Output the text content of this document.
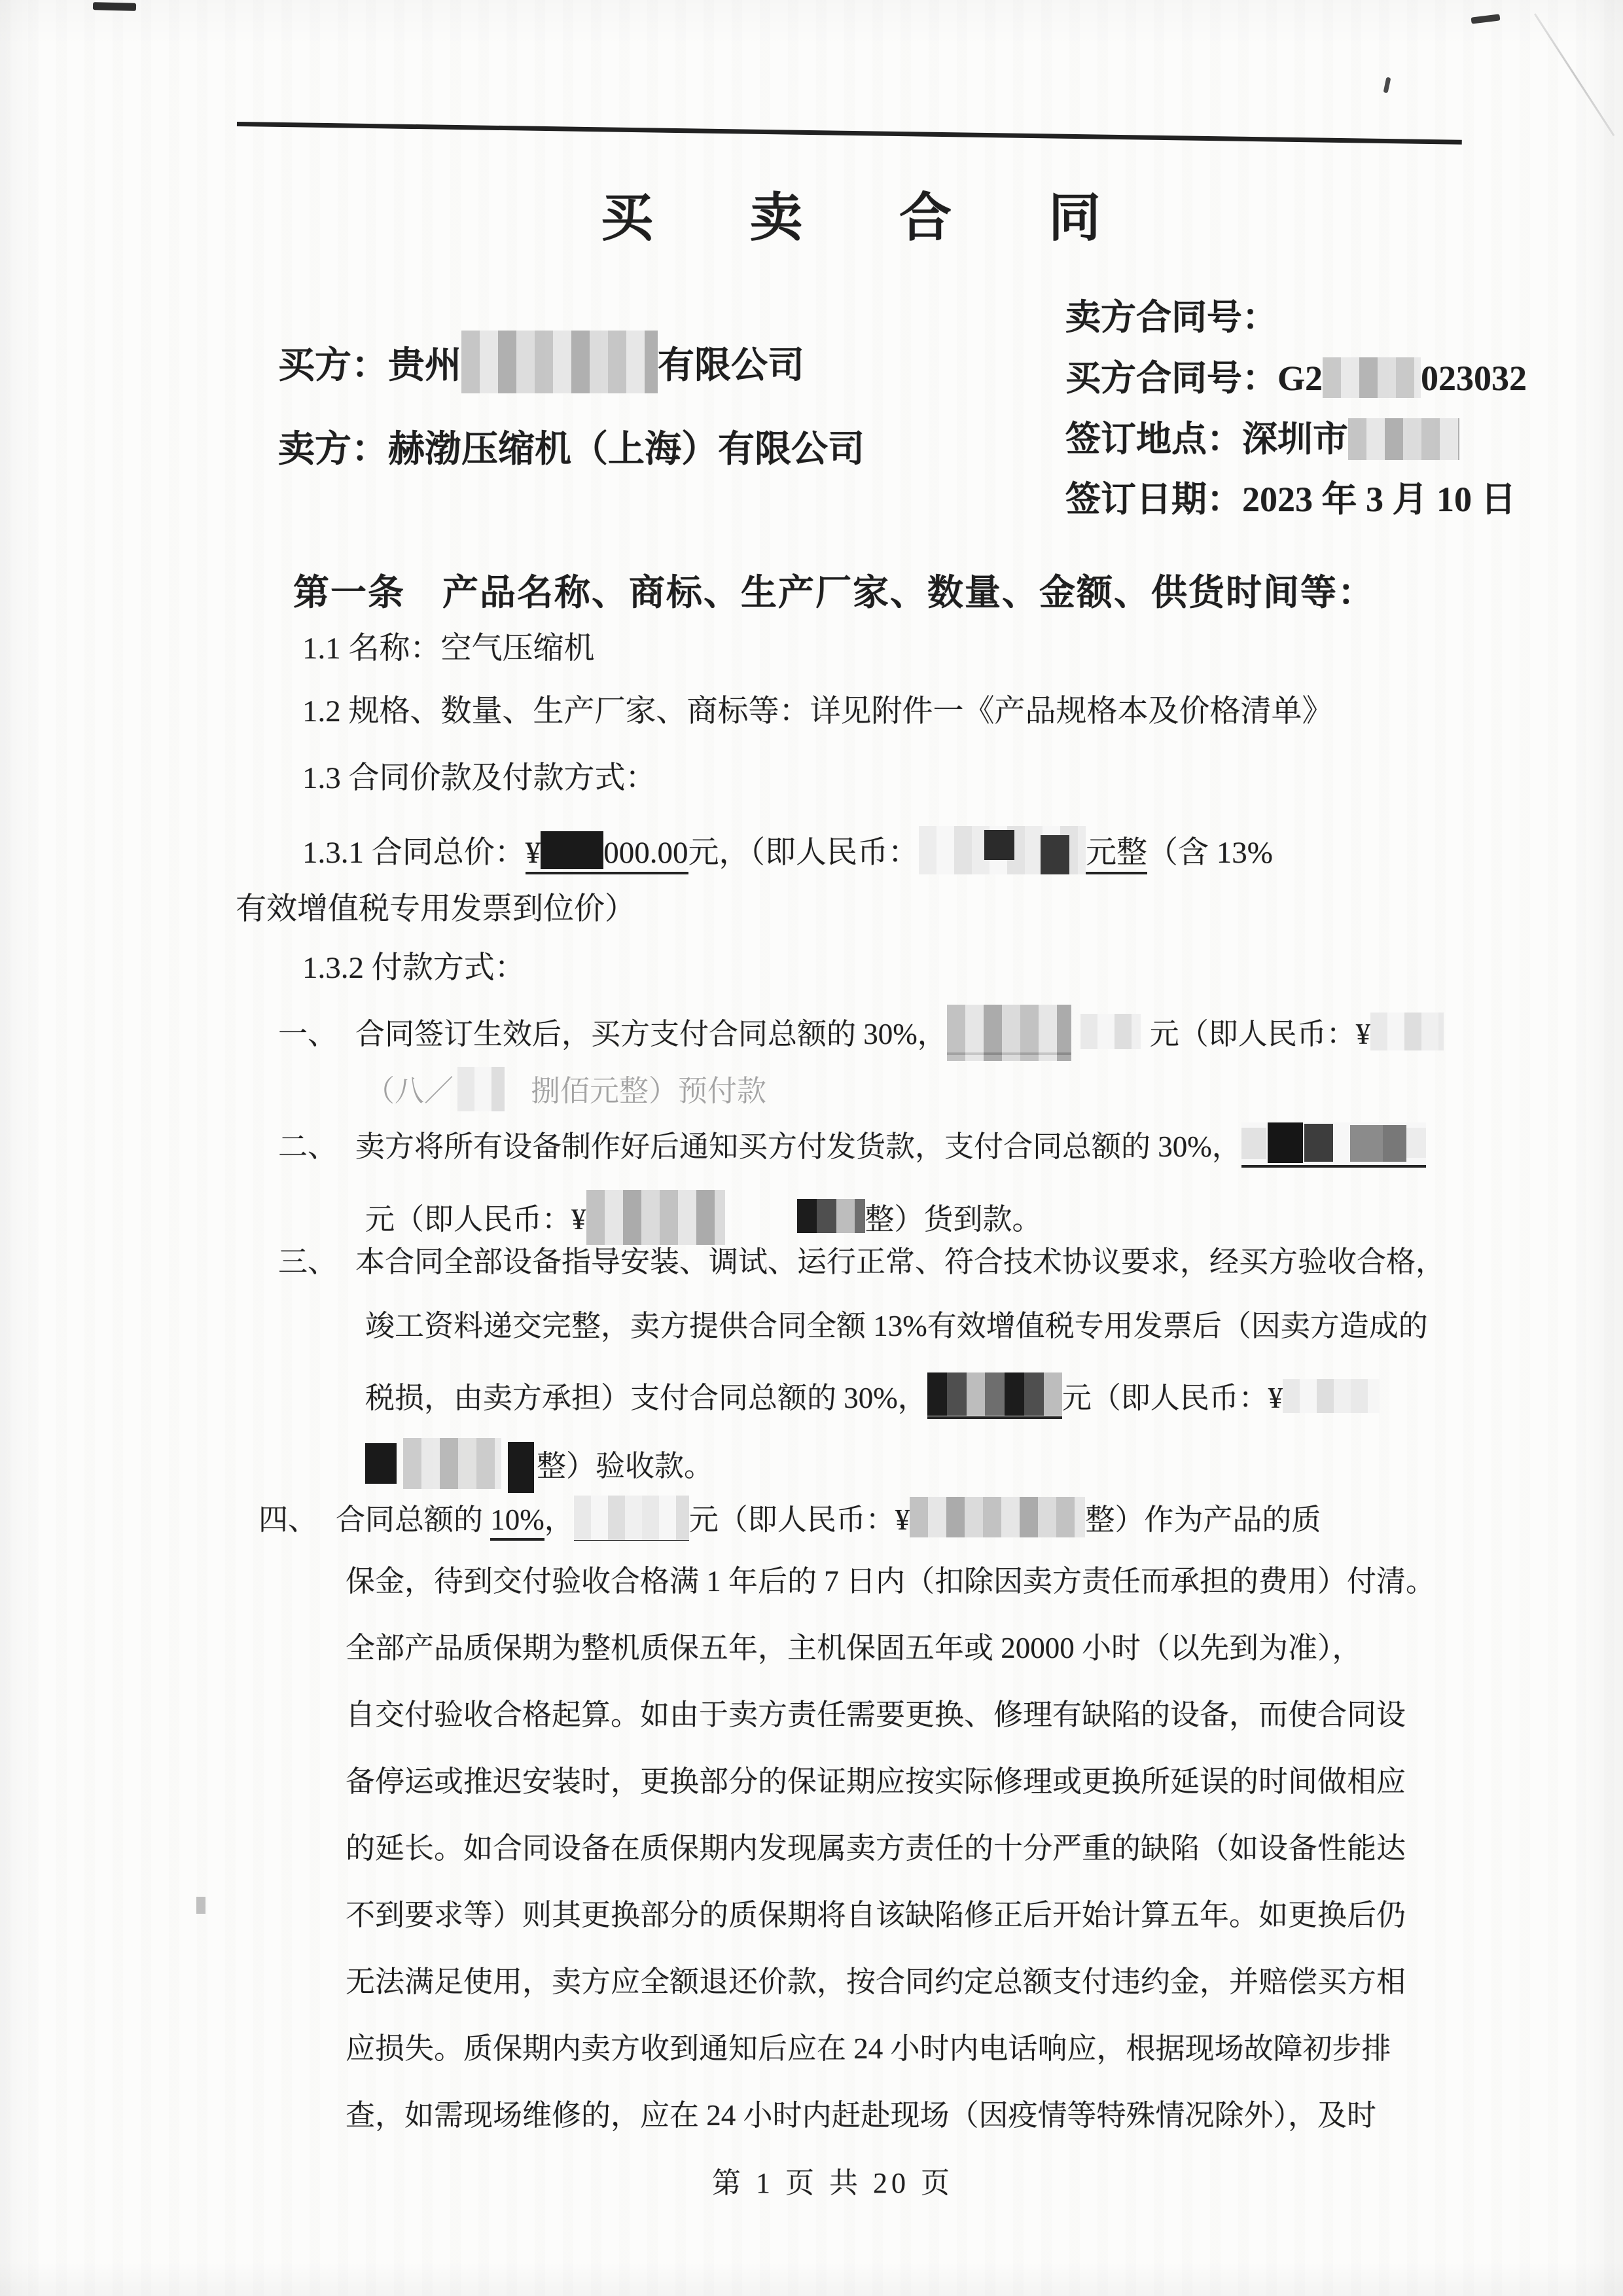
买　卖　合　同
买方：贵州	有限公司
卖方合同号：
买方合同号：G2	023032
签订地点：深圳市
签订日期：2023 年 3 月 10 日
卖方：赫渤压缩机（上海）有限公司
第一条　产品名称、商标、生产厂家、数量、金额、供货时间等：
1.1 名称：空气压缩机
1.2 规格、数量、生产厂家、商标等：详见附件一《产品规格本及价格清单》
1.3 合同价款及付款方式：
1.3.1 合同总价：¥ 000.00元，（即人民币：	元整（含 13%
有效增值税专用发票到位价）
1.3.2 付款方式：
一、 合同签订生效后，买方支付合同总额的 30%，	元（即人民币：¥
（八／	捌佰元整）预付款
二、 卖方将所有设备制作好后通知买方付发货款，支付合同总额的 30%，
元（即人民币：¥	整）货到款。
三、 本合同全部设备指导安装、调试、运行正常、符合技术协议要求，经买方验收合格，
竣工资料递交完整，卖方提供合同全额 13%有效增值税专用发票后（因卖方造成的
税损，由卖方承担）支付合同总额的 30%，	元（即人民币：¥
整）验收款。
四、 合同总额的 10%，	元（即人民币：¥	整）作为产品的质
保金，待到交付验收合格满 1 年后的 7 日内（扣除因卖方责任而承担的费用）付清。
全部产品质保期为整机质保五年，主机保固五年或 20000 小时（以先到为准），
自交付验收合格起算。如由于卖方责任需要更换、修理有缺陷的设备，而使合同设
备停运或推迟安装时，更换部分的保证期应按实际修理或更换所延误的时间做相应
的延长。如合同设备在质保期内发现属卖方责任的十分严重的缺陷（如设备性能达
不到要求等）则其更换部分的质保期将自该缺陷修正后开始计算五年。如更换后仍
无法满足使用，卖方应全额退还价款，按合同约定总额支付违约金，并赔偿买方相
应损失。质保期内卖方收到通知后应在 24 小时内电话响应，根据现场故障初步排
查，如需现场维修的，应在 24 小时内赶赴现场（因疫情等特殊情况除外），及时
第 1 页 共 20 页
